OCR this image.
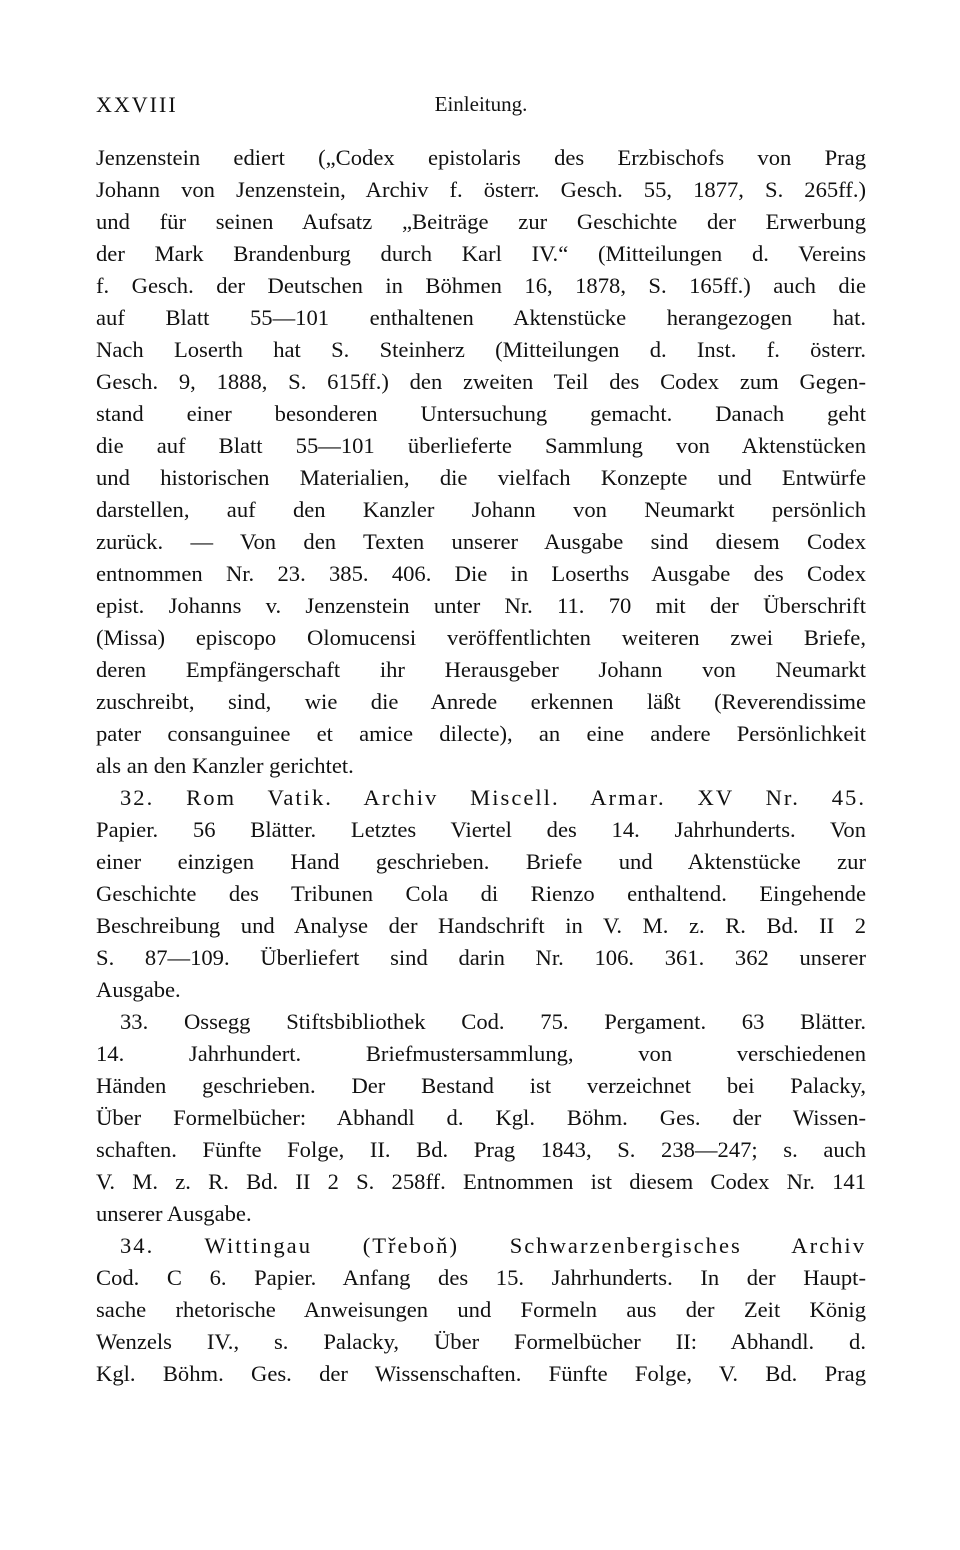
XXVIII	Einleitung.
Jenzenstein ediert („Codex epistolaris des Erzbischofs von Prag
Johann von Jenzenstein, Archiv f. österr. Gesch. 55, 1877, S. 265ff.)
und für seinen Aufsatz „Beiträge zur Geschichte der Erwerbung
der Mark Brandenburg durch Karl IV.“ (Mitteilungen d. Vereins
f. Gesch. der Deutschen in Böhmen 16, 1878, S. 165ff.) auch die
auf Blatt 55—101 enthaltenen Aktenstücke herangezogen hat.
Nach Loserth hat S. Steinherz (Mitteilungen d. Inst. f. österr.
Gesch. 9, 1888, S. 615ff.) den zweiten Teil des Codex zum Gegen-
stand einer besonderen Untersuchung gemacht. Danach geht
die auf Blatt 55—101 überlieferte Sammlung von Aktenstücken
und historischen Materialien, die vielfach Konzepte und Entwürfe
darstellen, auf den Kanzler Johann von Neumarkt persönlich
zurück. — Von den Texten unserer Ausgabe sind diesem Codex
entnommen Nr. 23. 385. 406. Die in Loserths Ausgabe des Codex
epist. Johanns v. Jenzenstein unter Nr. 11. 70 mit der Überschrift
(Missa) episcopo Olomucensi veröffentlichten weiteren zwei Briefe,
deren Empfängerschaft ihr Herausgeber Johann von Neumarkt
zuschreibt, sind, wie die Anrede erkennen läßt (Reverendissime
pater consanguinee et amice dilecte), an eine andere Persönlichkeit
als an den Kanzler gerichtet.
32. Rom Vatik. Archiv Miscell. Armar. XV Nr. 45.
Papier. 56 Blätter. Letztes Viertel des 14. Jahrhunderts. Von
einer einzigen Hand geschrieben. Briefe und Aktenstücke zur
Geschichte des Tribunen Cola di Rienzo enthaltend. Eingehende
Beschreibung und Analyse der Handschrift in V. M. z. R. Bd. II 2
S. 87—109. Überliefert sind darin Nr. 106. 361. 362 unserer
Ausgabe.
33. Ossegg Stiftsbibliothek Cod. 75. Pergament. 63 Blätter.
14. Jahrhundert. Briefmustersammlung, von verschiedenen
Händen geschrieben. Der Bestand ist verzeichnet bei Palacky,
Über Formelbücher: Abhandl d. Kgl. Böhm. Ges. der Wissen-
schaften. Fünfte Folge, II. Bd. Prag 1843, S. 238—247; s. auch
V. M. z. R. Bd. II 2 S. 258ff. Entnommen ist diesem Codex Nr. 141
unserer Ausgabe.
34. Wittingau (Třeboň) Schwarzenbergisches Archiv
Cod. C 6. Papier. Anfang des 15. Jahrhunderts. In der Haupt-
sache rhetorische Anweisungen und Formeln aus der Zeit König
Wenzels IV., s. Palacky, Über Formelbücher II: Abhandl. d.
Kgl. Böhm. Ges. der Wissenschaften. Fünfte Folge, V. Bd. Prag
